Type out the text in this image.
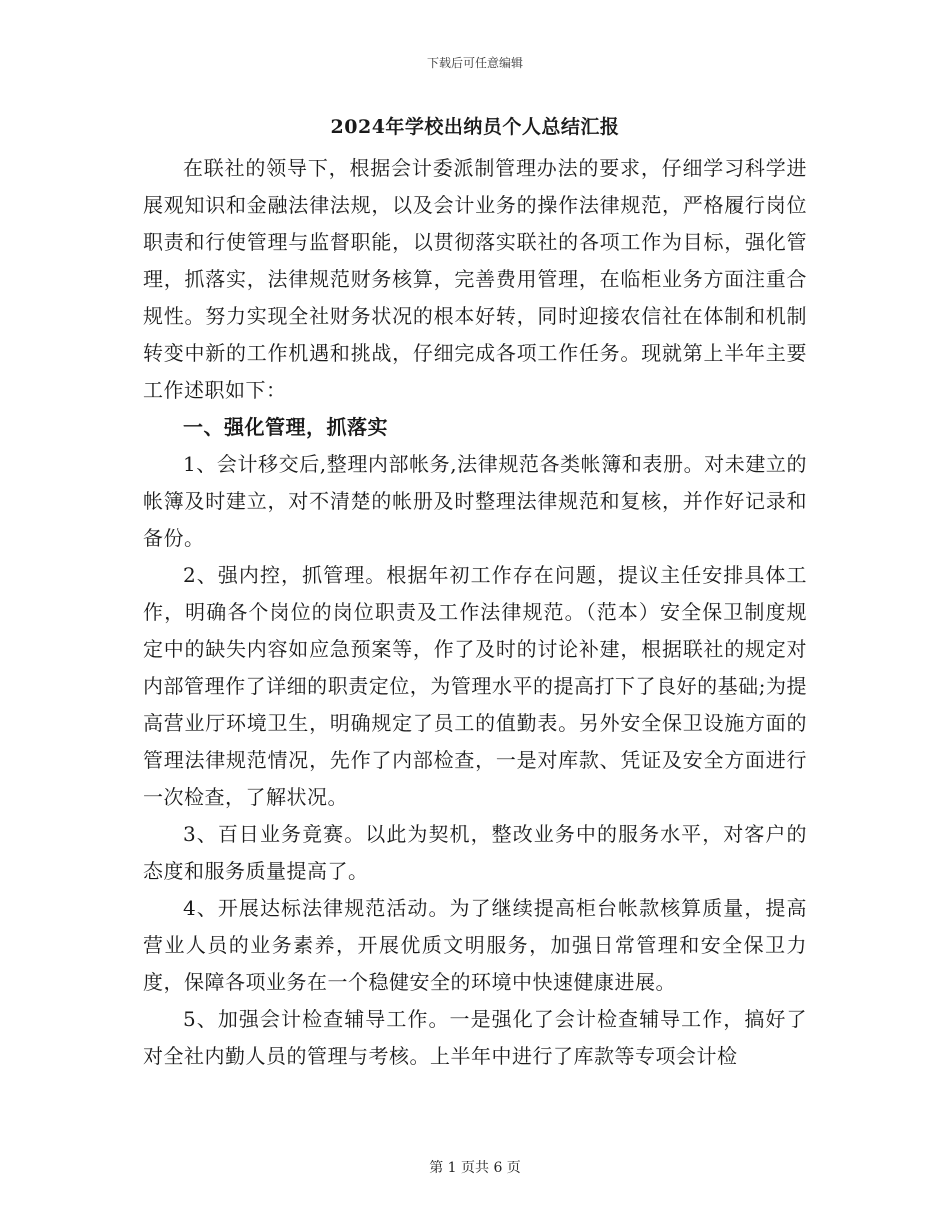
下载后可任意编辑
2024年学校出纳员个人总结汇报

在联社的领导下，根据会计委派制管理办法的要求，仔细学习科学进展观知识和金融法律法规，以及会计业务的操作法律规范，严格履行岗位职责和行使管理与监督职能，以贯彻落实联社的各项工作为目标，强化管理，抓落实，法律规范财务核算，完善费用管理，在临柜业务方面注重合规性。努力实现全社财务状况的根本好转，同时迎接农信社在体制和机制转变中新的工作机遇和挑战，仔细完成各项工作任务。现就第上半年主要工作述职如下：

一、强化管理，抓落实

1、会计移交后,整理内部帐务,法律规范各类帐簿和表册。对未建立的帐簿及时建立，对不清楚的帐册及时整理法律规范和复核，并作好记录和备份。

2、强内控，抓管理。根据年初工作存在问题，提议主任安排具体工作，明确各个岗位的岗位职责及工作法律规范。（范本）安全保卫制度规定中的缺失内容如应急预案等，作了及时的讨论补建，根据联社的规定对内部管理作了详细的职责定位，为管理水平的提高打下了良好的基础;为提高营业厅环境卫生，明确规定了员工的值勤表。另外安全保卫设施方面的管理法律规范情况，先作了内部检查，一是对库款、凭证及安全方面进行一次检查，了解状况。

3、百日业务竟赛。以此为契机，整改业务中的服务水平，对客户的态度和服务质量提高了。

4、开展达标法律规范活动。为了继续提高柜台帐款核算质量，提高营业人员的业务素养，开展优质文明服务，加强日常管理和安全保卫力度，保障各项业务在一个稳健安全的环境中快速健康进展。

5、加强会计检查辅导工作。一是强化了会计检查辅导工作，搞好了对全社内勤人员的管理与考核。上半年中进行了库款等专项会计检

第 1 页共 6 页
